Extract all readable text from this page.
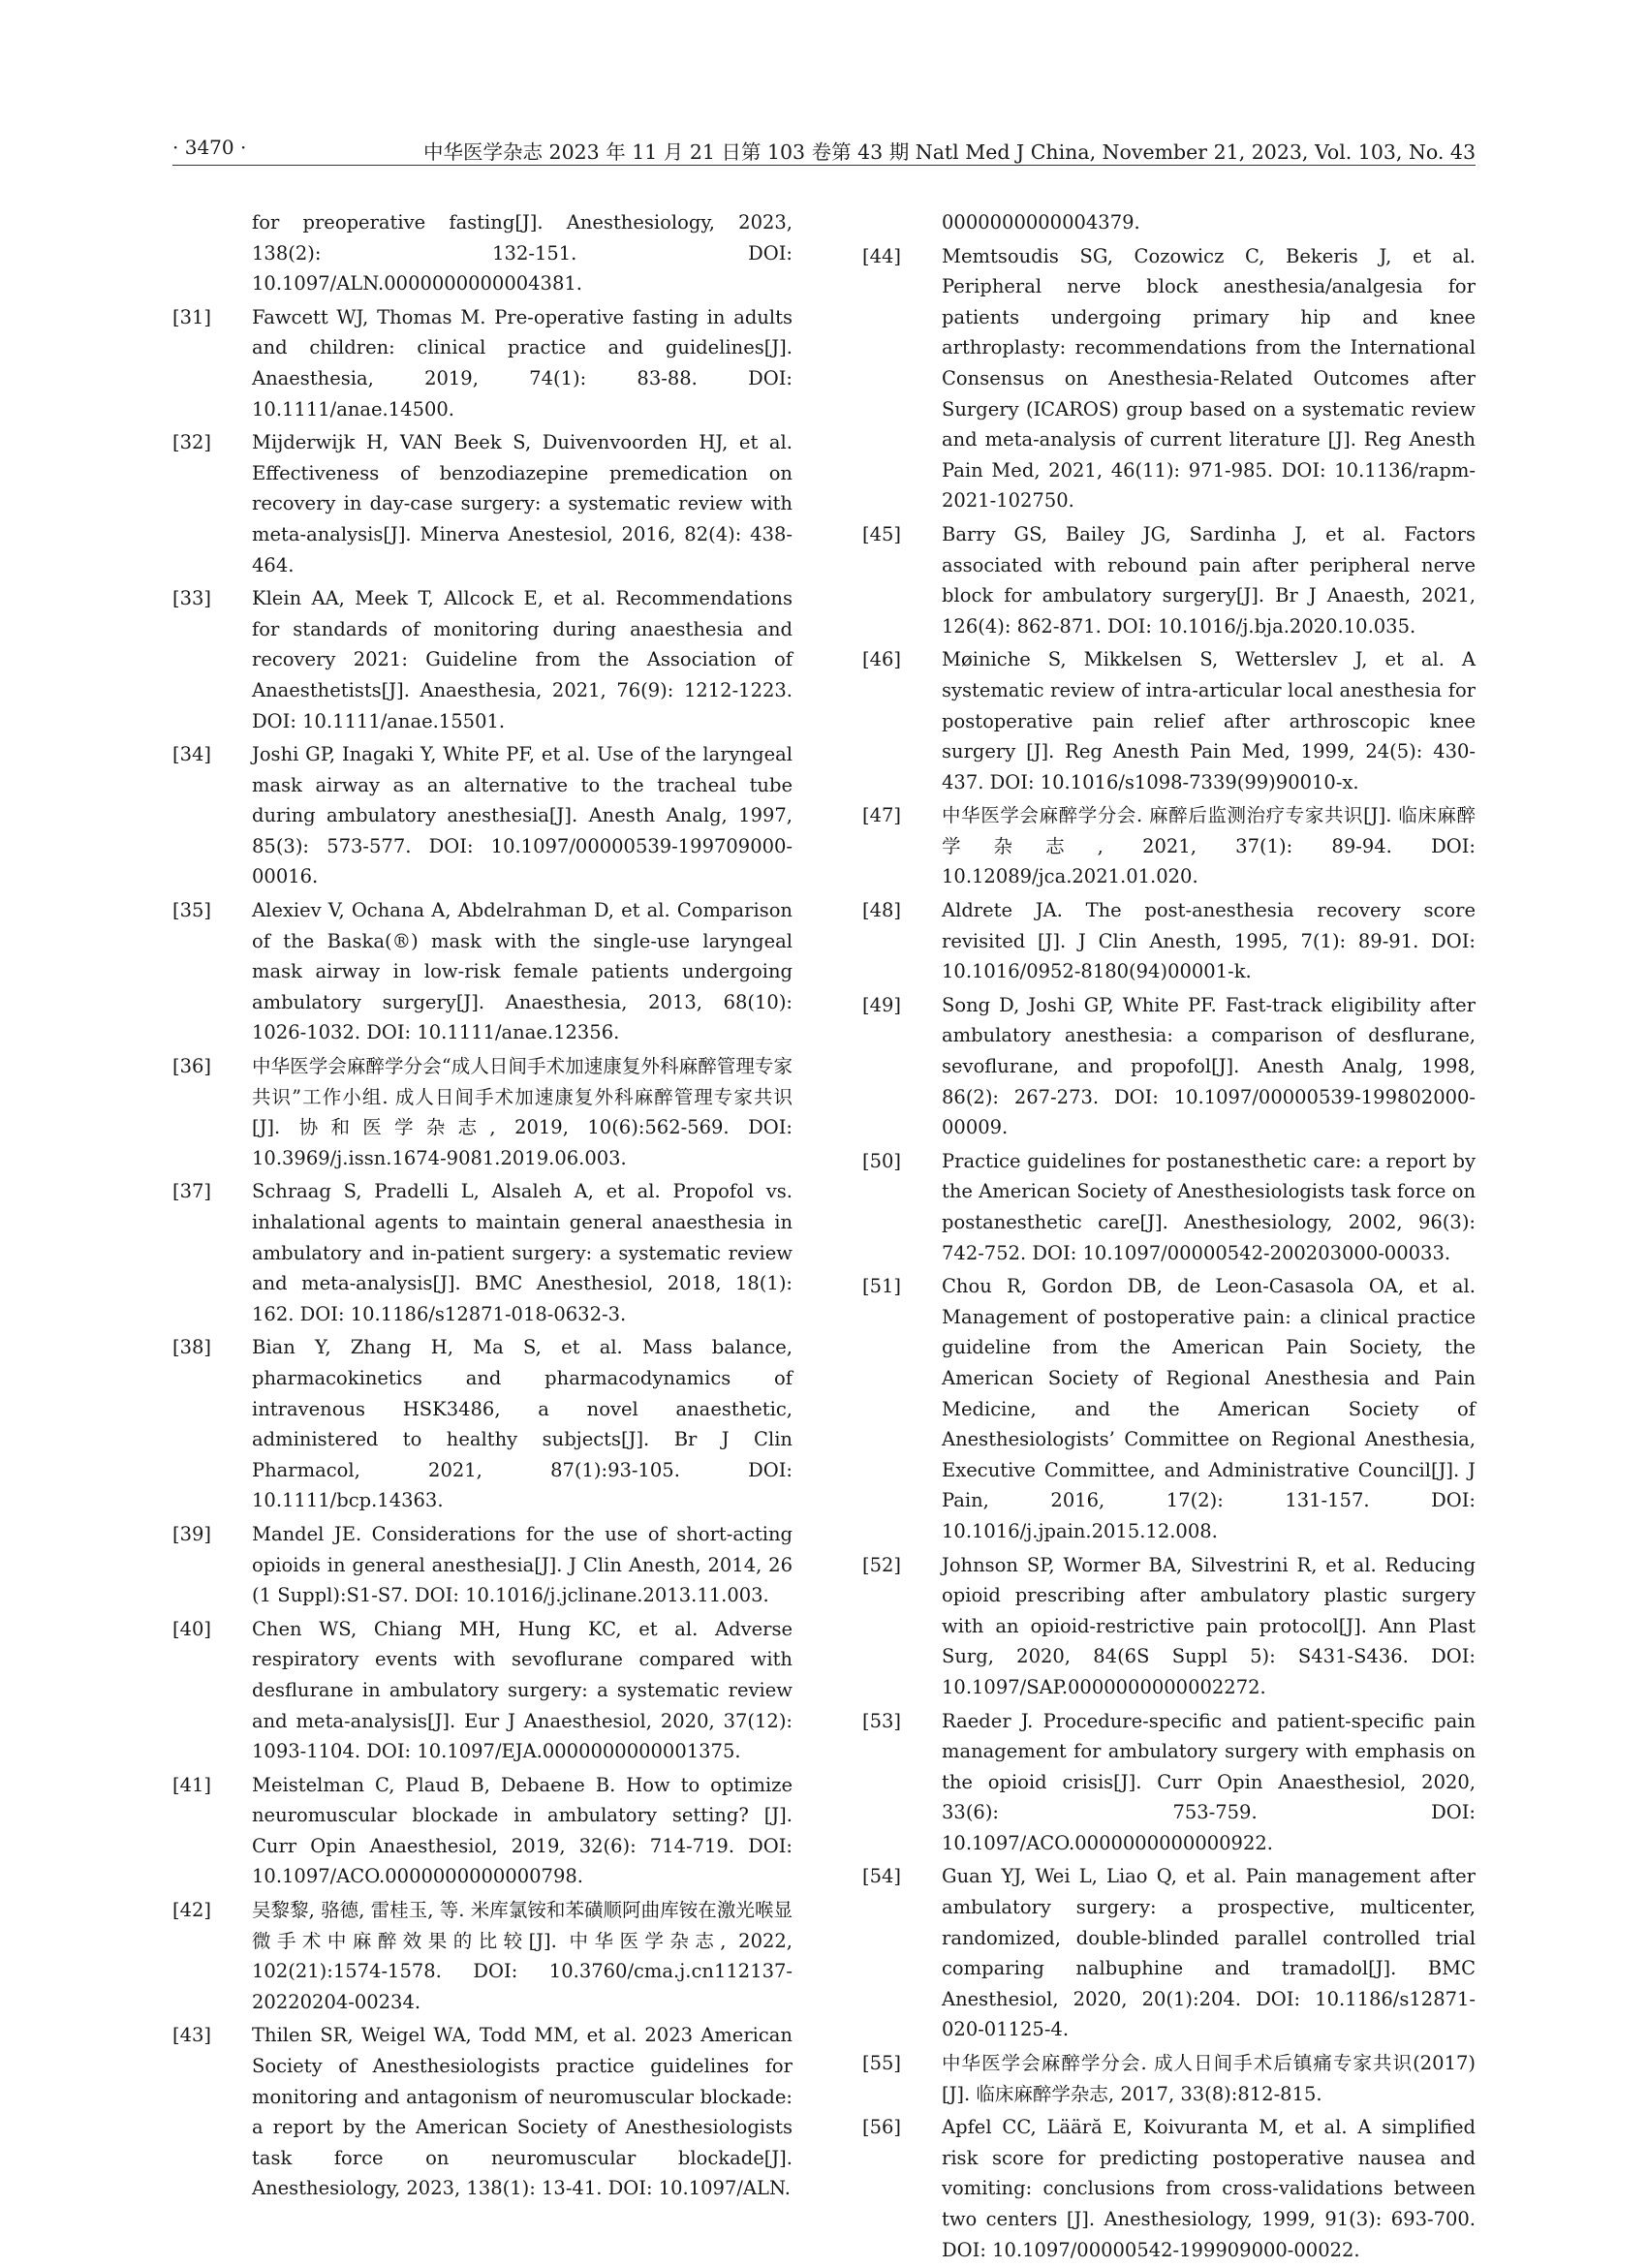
· 3470 ·	中华医学杂志 2023 年 11 月 21 日第 103 卷第 43 期 Natl Med J China, November 21, 2023, Vol. 103, No. 43
for preoperative fasting[J]. Anesthesiology, 2023, 138(2): 132-151. DOI: 10.1097/ALN.0000000000004381.
[31]	Fawcett WJ, Thomas M. Pre-operative fasting in adults and children: clinical practice and guidelines[J]. Anaesthesia, 2019, 74(1): 83-88. DOI: 10.1111/anae.14500.
[32]	Mijderwijk H, VAN Beek S, Duivenvoorden HJ, et al. Effectiveness of benzodiazepine premedication on recovery in day-case surgery: a systematic review with meta-analysis[J]. Minerva Anestesiol, 2016, 82(4): 438-464.
[33]	Klein AA, Meek T, Allcock E, et al. Recommendations for standards of monitoring during anaesthesia and recovery 2021: Guideline from the Association of Anaesthetists[J]. Anaesthesia, 2021, 76(9): 1212-1223. DOI: 10.1111/anae.15501.
[34]	Joshi GP, Inagaki Y, White PF, et al. Use of the laryngeal mask airway as an alternative to the tracheal tube during ambulatory anesthesia[J]. Anesth Analg, 1997, 85(3): 573-577. DOI: 10.1097/00000539-199709000-00016.
[35]	Alexiev V, Ochana A, Abdelrahman D, et al. Comparison of the Baska(®) mask with the single-use laryngeal mask airway in low-risk female patients undergoing ambulatory surgery[J]. Anaesthesia, 2013, 68(10): 1026-1032. DOI: 10.1111/anae.12356.
[36]	中华医学会麻醉学分会“成人日间手术加速康复外科麻醉管理专家共识”工作小组. 成人日间手术加速康复外科麻醉管理专家共识[J]. 协和医学杂志, 2019, 10(6):562-569. DOI: 10.3969/j.issn.1674-9081.2019.06.003.
[37]	Schraag S, Pradelli L, Alsaleh A, et al. Propofol vs. inhalational agents to maintain general anaesthesia in ambulatory and in-patient surgery: a systematic review and meta-analysis[J]. BMC Anesthesiol, 2018, 18(1): 162. DOI: 10.1186/s12871-018-0632-3.
[38]	Bian Y, Zhang H, Ma S, et al. Mass balance, pharmacokinetics and pharmacodynamics of intravenous HSK3486, a novel anaesthetic, administered to healthy subjects[J]. Br J Clin Pharmacol, 2021, 87(1):93-105. DOI: 10.1111/bcp.14363.
[39]	Mandel JE. Considerations for the use of short-acting opioids in general anesthesia[J]. J Clin Anesth, 2014, 26 (1 Suppl):S1-S7. DOI: 10.1016/j.jclinane.2013.11.003.
[40]	Chen WS, Chiang MH, Hung KC, et al. Adverse respiratory events with sevoflurane compared with desflurane in ambulatory surgery: a systematic review and meta-analysis[J]. Eur J Anaesthesiol, 2020, 37(12): 1093-1104. DOI: 10.1097/EJA.0000000000001375.
[41]	Meistelman C, Plaud B, Debaene B. How to optimize neuromuscular blockade in ambulatory setting? [J]. Curr Opin Anaesthesiol, 2019, 32(6): 714-719. DOI: 10.1097/ACO.0000000000000798.
[42]	吴黎黎, 骆德, 雷桂玉, 等. 米库氯铵和苯磺顺阿曲库铵在激光喉显微手术中麻醉效果的比较[J]. 中华医学杂志, 2022, 102(21):1574-1578. DOI: 10.3760/cma.j.cn112137-20220204-00234.
[43]	Thilen SR, Weigel WA, Todd MM, et al. 2023 American Society of Anesthesiologists practice guidelines for monitoring and antagonism of neuromuscular blockade: a report by the American Society of Anesthesiologists task force on neuromuscular blockade[J]. Anesthesiology, 2023, 138(1): 13-41. DOI: 10.1097/ALN.
0000000000004379.
[44]	Memtsoudis SG, Cozowicz C, Bekeris J, et al. Peripheral nerve block anesthesia/analgesia for patients undergoing primary hip and knee arthroplasty: recommendations from the International Consensus on Anesthesia-Related Outcomes after Surgery (ICAROS) group based on a systematic review and meta-analysis of current literature [J]. Reg Anesth Pain Med, 2021, 46(11): 971-985. DOI: 10.1136/rapm-2021-102750.
[45]	Barry GS, Bailey JG, Sardinha J, et al. Factors associated with rebound pain after peripheral nerve block for ambulatory surgery[J]. Br J Anaesth, 2021, 126(4): 862-871. DOI: 10.1016/j.bja.2020.10.035.
[46]	Møiniche S, Mikkelsen S, Wetterslev J, et al. A systematic review of intra-articular local anesthesia for postoperative pain relief after arthroscopic knee surgery [J]. Reg Anesth Pain Med, 1999, 24(5): 430-437. DOI: 10.1016/s1098-7339(99)90010-x.
[47]	中华医学会麻醉学分会. 麻醉后监测治疗专家共识[J]. 临床麻醉学杂志, 2021, 37(1): 89-94. DOI: 10.12089/jca.2021.01.020.
[48]	Aldrete JA. The post-anesthesia recovery score revisited [J]. J Clin Anesth, 1995, 7(1): 89-91. DOI: 10.1016/0952-8180(94)00001-k.
[49]	Song D, Joshi GP, White PF. Fast-track eligibility after ambulatory anesthesia: a comparison of desflurane, sevoflurane, and propofol[J]. Anesth Analg, 1998, 86(2): 267-273. DOI: 10.1097/00000539-199802000-00009.
[50]	Practice guidelines for postanesthetic care: a report by the American Society of Anesthesiologists task force on postanesthetic care[J]. Anesthesiology, 2002, 96(3): 742-752. DOI: 10.1097/00000542-200203000-00033.
[51]	Chou R, Gordon DB, de Leon-Casasola OA, et al. Management of postoperative pain: a clinical practice guideline from the American Pain Society, the American Society of Regional Anesthesia and Pain Medicine, and the American Society of Anesthesiologists’ Committee on Regional Anesthesia, Executive Committee, and Administrative Council[J]. J Pain, 2016, 17(2): 131-157. DOI: 10.1016/j.jpain.2015.12.008.
[52]	Johnson SP, Wormer BA, Silvestrini R, et al. Reducing opioid prescribing after ambulatory plastic surgery with an opioid-restrictive pain protocol[J]. Ann Plast Surg, 2020, 84(6S Suppl 5): S431-S436. DOI: 10.1097/SAP.0000000000002272.
[53]	Raeder J. Procedure-specific and patient-specific pain management for ambulatory surgery with emphasis on the opioid crisis[J]. Curr Opin Anaesthesiol, 2020, 33(6): 753-759. DOI: 10.1097/ACO.0000000000000922.
[54]	Guan YJ, Wei L, Liao Q, et al. Pain management after ambulatory surgery: a prospective, multicenter, randomized, double-blinded parallel controlled trial comparing nalbuphine and tramadol[J]. BMC Anesthesiol, 2020, 20(1):204. DOI: 10.1186/s12871-020-01125-4.
[55]	中华医学会麻醉学分会. 成人日间手术后镇痛专家共识(2017)[J]. 临床麻醉学杂志, 2017, 33(8):812-815.
[56]	Apfel CC, Lääră E, Koivuranta M, et al. A simplified risk score for predicting postoperative nausea and vomiting: conclusions from cross-validations between two centers [J]. Anesthesiology, 1999, 91(3): 693-700. DOI: 10.1097/00000542-199909000-00022.
